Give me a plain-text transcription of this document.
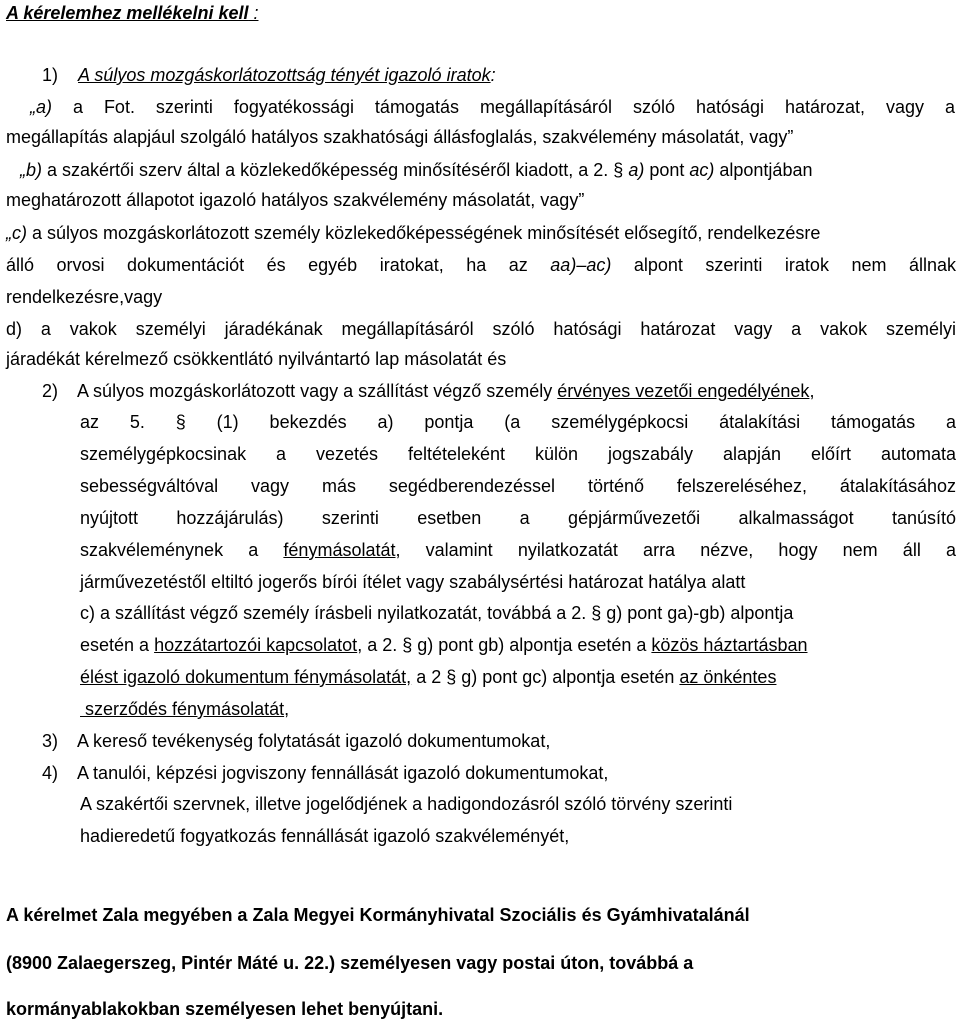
A kérelemhez mellékelni kell :
1) A súlyos mozgáskorlátozottság tényét igazoló iratok:
„a) a Fot. szerinti fogyatékossági támogatás megállapításáról szóló hatósági határozat, vagy a
megállapítás alapjául szolgáló hatályos szakhatósági állásfoglalás, szakvélemény másolatát, vagy”
„b) a szakértői szerv által a közlekedőképesség minősítéséről kiadott, a 2. § a) pont ac) alpontjában
meghatározott állapotot igazoló hatályos szakvélemény másolatát, vagy”
„c) a súlyos mozgáskorlátozott személy közlekedőképességének minősítését elősegítő, rendelkezésre
álló orvosi dokumentációt és egyéb iratokat, ha az aa)–ac) alpont szerinti iratok nem állnak
rendelkezésre,vagy
d) a vakok személyi járadékának megállapításáról szóló hatósági határozat vagy a vakok személyi
járadékát kérelmező csökkentlátó nyilvántartó lap másolatát és
2) A súlyos mozgáskorlátozott vagy a szállítást végző személy érvényes vezetői engedélyének,
az 5. § (1) bekezdés a) pontja (a személygépkocsi átalakítási támogatás a
személygépkocsinak a vezetés feltételeként külön jogszabály alapján előírt automata
sebességváltóval vagy más segédberendezéssel történő felszereléséhez, átalakításához
nyújtott hozzájárulás) szerinti esetben a gépjárművezetői alkalmasságot tanúsító
szakvéleménynek a fénymásolatát, valamint nyilatkozatát arra nézve, hogy nem áll a
járművezetéstől eltiltó jogerős bírói ítélet vagy szabálysértési határozat hatálya alatt
c) a szállítást végző személy írásbeli nyilatkozatát, továbbá a 2. § g) pont ga)-gb) alpontja
esetén a hozzátartozói kapcsolatot, a 2. § g) pont gb) alpontja esetén a közös háztartásban
élést igazoló dokumentum fénymásolatát, a 2 § g) pont gc) alpontja esetén az önkéntes
szerződés fénymásolatát,
3) A kereső tevékenység folytatását igazoló dokumentumokat,
4) A tanulói, képzési jogviszony fennállását igazoló dokumentumokat,
A szakértői szervnek, illetve jogelődjének a hadigondozásról szóló törvény szerinti
hadieredetű fogyatkozás fennállását igazoló szakvéleményét,
A kérelmet Zala megyében a Zala Megyei Kormányhivatal Szociális és Gyámhivatalánál
(8900 Zalaegerszeg, Pintér Máté u. 22.) személyesen vagy postai úton, továbbá a
kormányablakokban személyesen lehet benyújtani.
